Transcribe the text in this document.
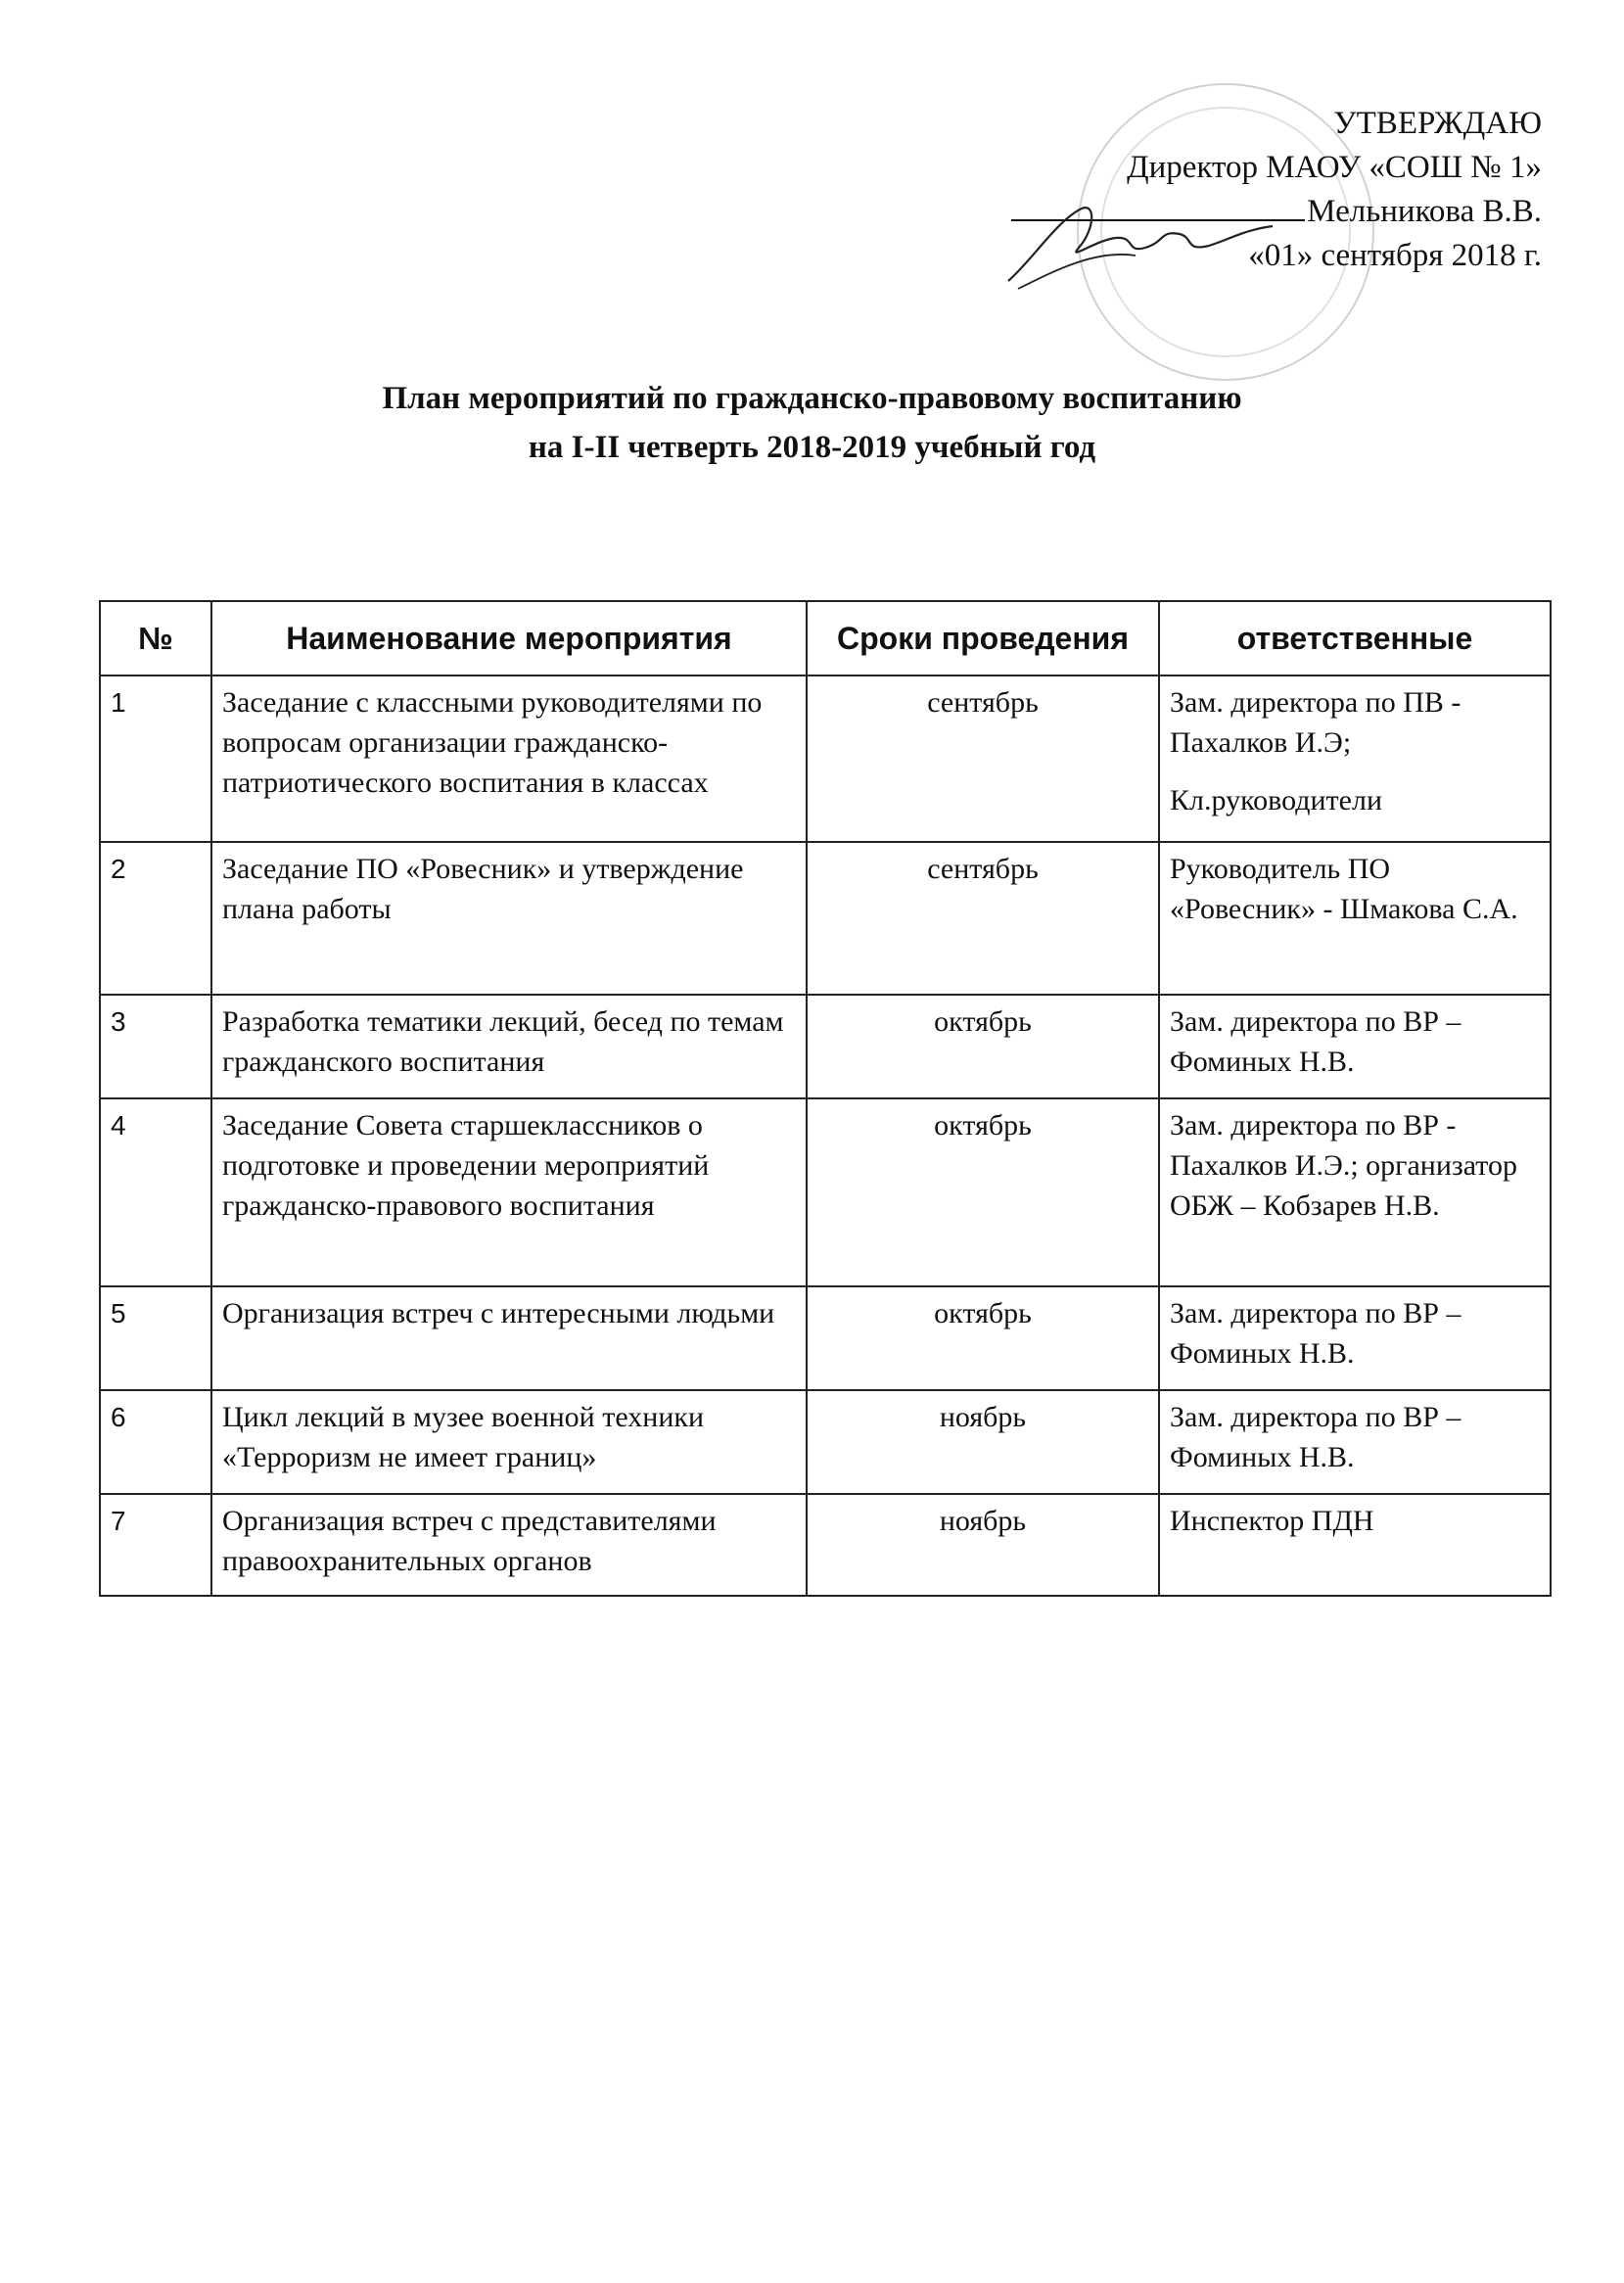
УТВЕРЖДАЮ
Директор МАОУ «СОШ № 1»
Мельникова В.В.
«01» сентября 2018 г.
План мероприятий по гражданско-правовому воспитанию
на I-II четверть 2018-2019 учебный год
№	Наименование мероприятия	Сроки проведения	ответственные
1	Заседание с классными руководителями по вопросам организации гражданско-патриотического воспитания в классах	сентябрь	Зам. директора по ПВ - Пахалков И.Э;

Кл.руководители

2	Заседание ПО «Ровесник» и утверждение плана работы	сентябрь	Руководитель ПО «Ровесник» - Шмакова С.А.
3	Разработка тематики лекций, бесед по темам гражданского воспитания	октябрь	Зам. директора по ВР – Фоминых Н.В.
4	Заседание Совета старшеклассников о подготовке и проведении мероприятий гражданско-правового воспитания	октябрь	Зам. директора по ВР - Пахалков И.Э.; организатор ОБЖ – Кобзарев Н.В.
5	Организация встреч с интересными людьми	октябрь	Зам. директора по ВР – Фоминых Н.В.
6	Цикл лекций в музее военной техники «Терроризм не имеет границ»	ноябрь	Зам. директора по ВР – Фоминых Н.В.
7	Организация встреч с представителями правоохранительных органов	ноябрь	Инспектор ПДН
